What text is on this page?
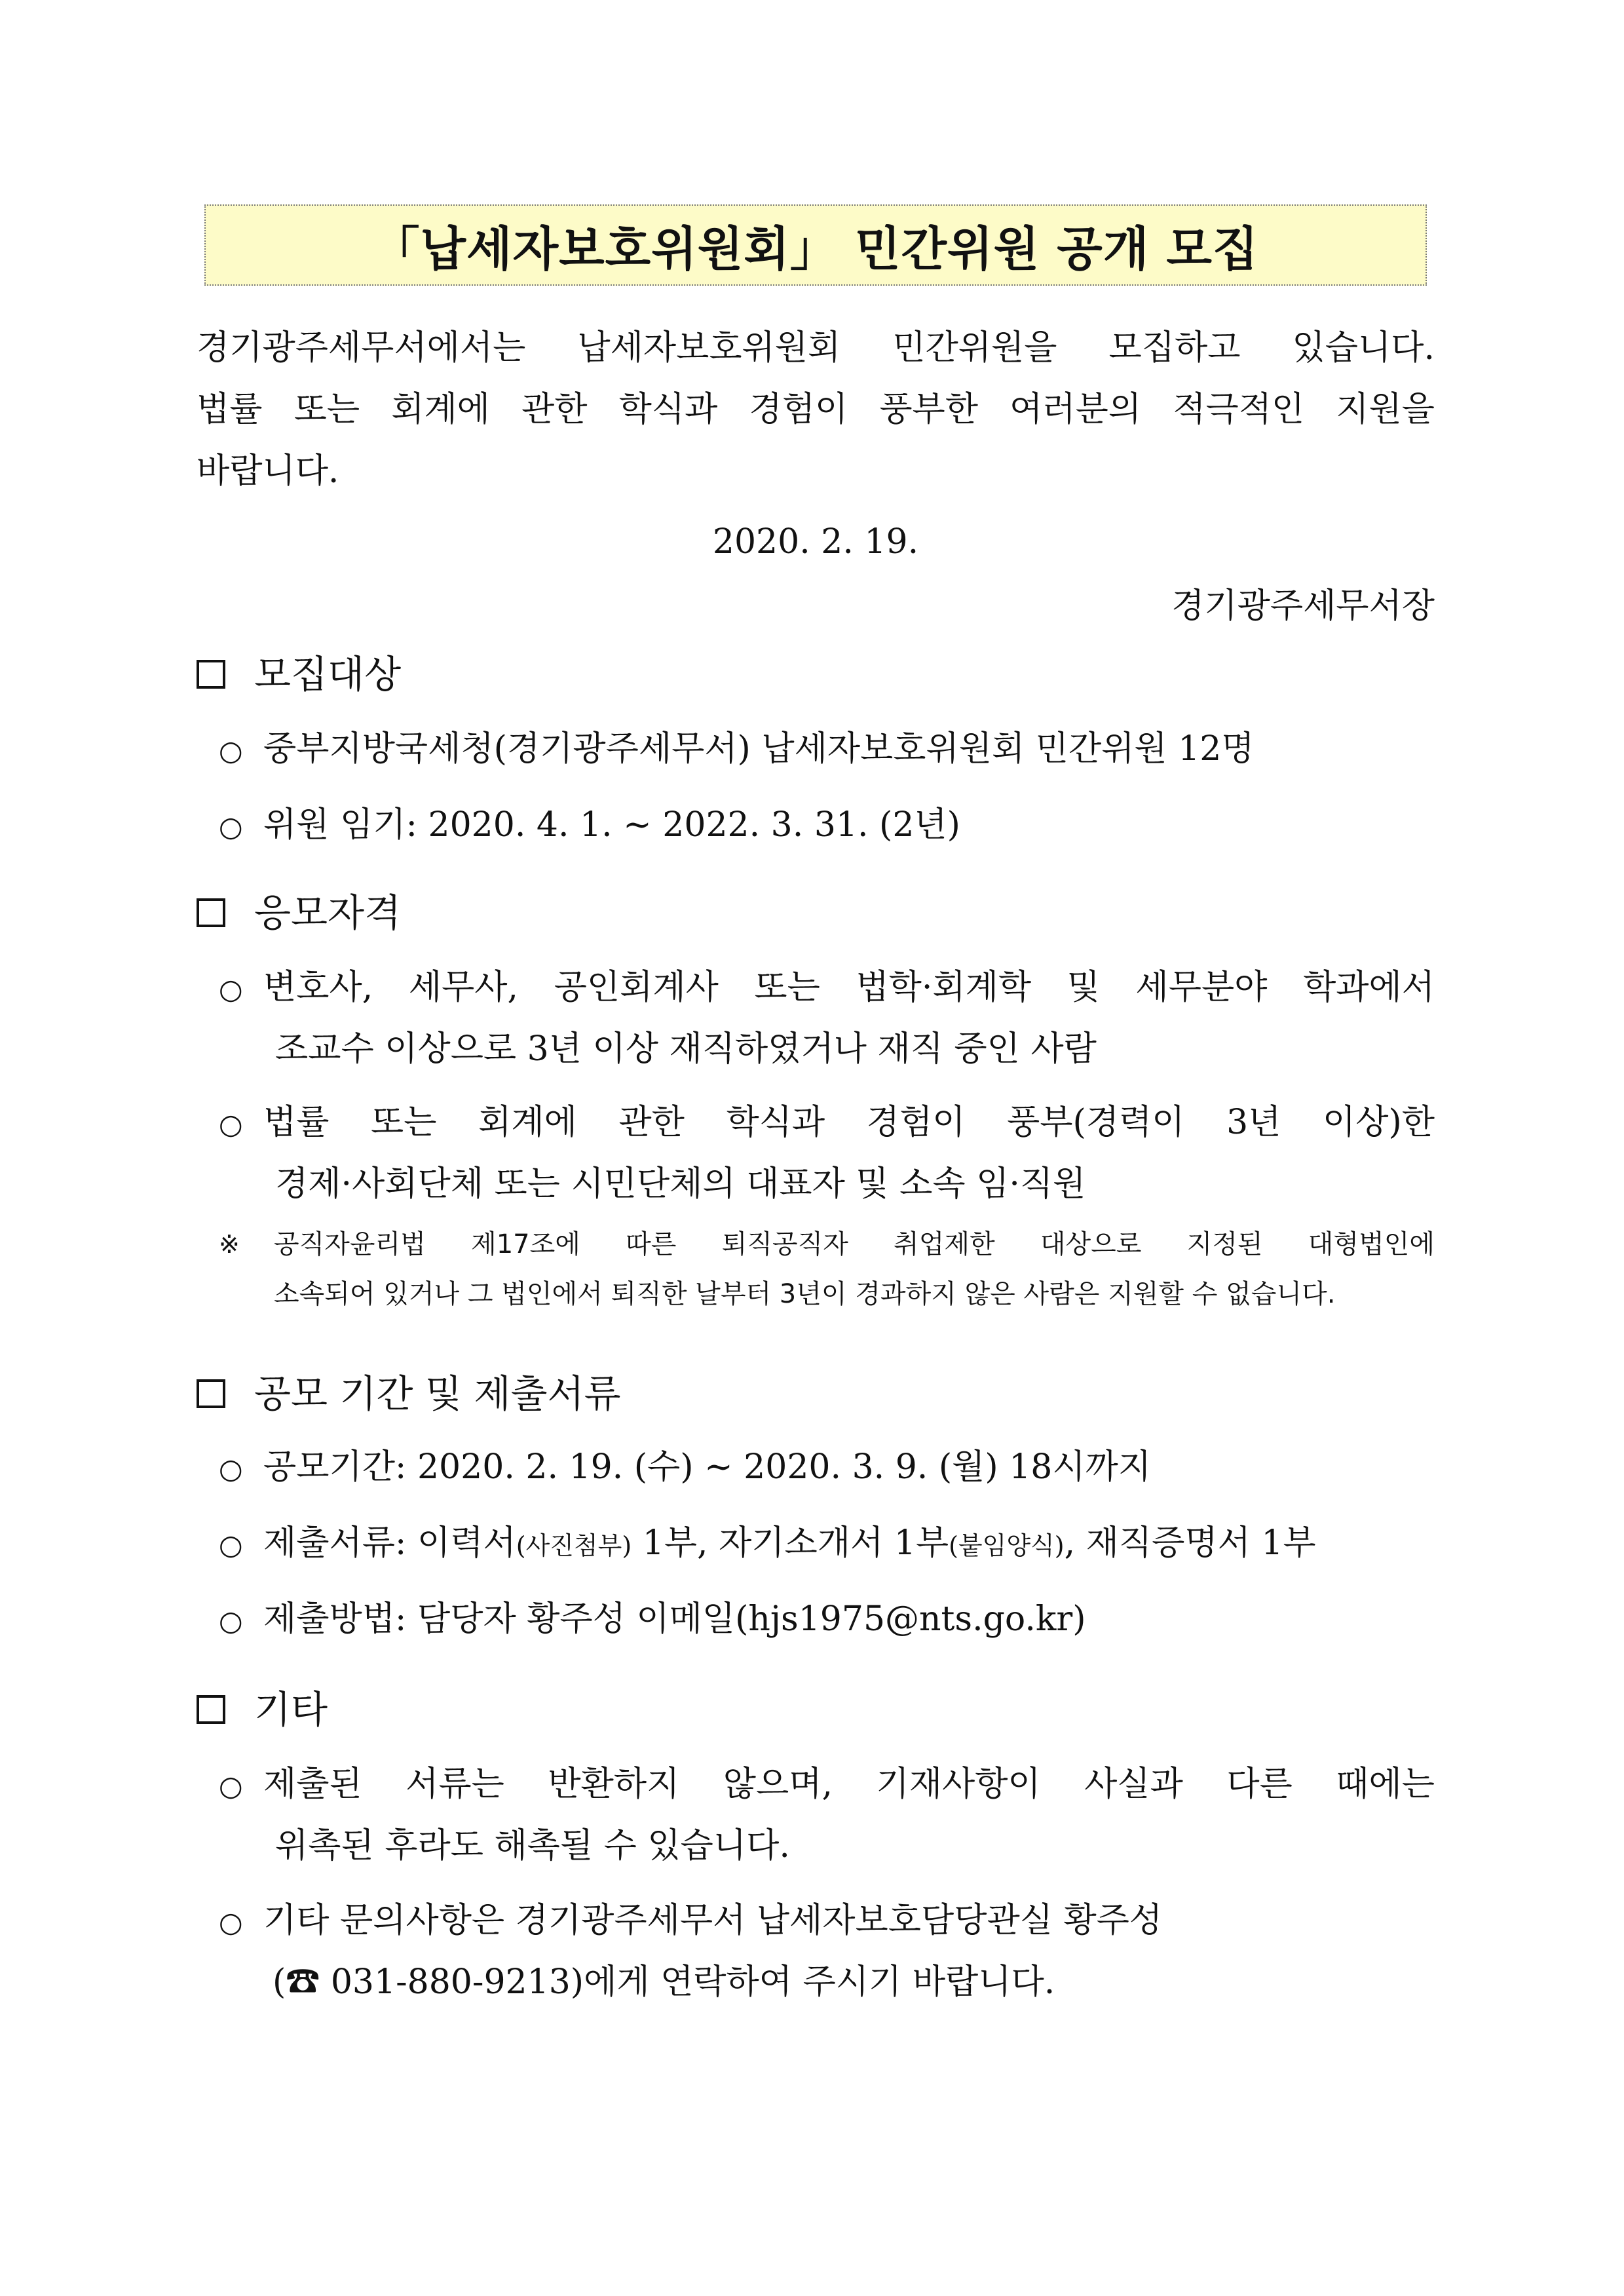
「납세자보호위원회」 민간위원 공개 모집

경기광주세무서에서는 납세자보호위원회 민간위원을 모집하고 있습니다.

법률 또는 회계에 관한 학식과 경험이 풍부한 여러분의 적극적인 지원을

바랍니다.

2020. 2. 19.

경기광주세무서장

모집대상
○ 중부지방국세청(경기광주세무서) 납세자보호위원회 민간위원 12명
○ 위원 임기: 2020. 4. 1. ~ 2022. 3. 31. (2년)
응모자격
○ 변호사, 세무사, 공인회계사 또는 법학·회계학 및 세무분야 학과에서

조교수 이상으로 3년 이상 재직하였거나 재직 중인 사람

○ 법률 또는 회계에 관한 학식과 경험이 풍부(경력이 3년 이상)한

경제·사회단체 또는 시민단체의 대표자 및 소속 임·직원

※	공직자윤리법 제17조에 따른 퇴직공직자 취업제한 대상으로 지정된 대형법인에

소속되어 있거나 그 법인에서 퇴직한 날부터 3년이 경과하지 않은 사람은 지원할 수 없습니다.

공모 기간 및 제출서류
○ 공모기간: 2020. 2. 19. (수) ~ 2020. 3. 9. (월) 18시까지
○ 제출서류: 이력서(사진첨부) 1부, 자기소개서 1부(붙임양식), 재직증명서 1부
○ 제출방법: 담당자 황주성 이메일(hjs1975@nts.go.kr)
기타
○ 제출된 서류는 반환하지 않으며, 기재사항이 사실과 다른 때에는

위촉된 후라도 해촉될 수 있습니다.

○ 기타 문의사항은 경기광주세무서 납세자보호담당관실 황주성

(☎ 031-880-9213)에게 연락하여 주시기 바랍니다.
